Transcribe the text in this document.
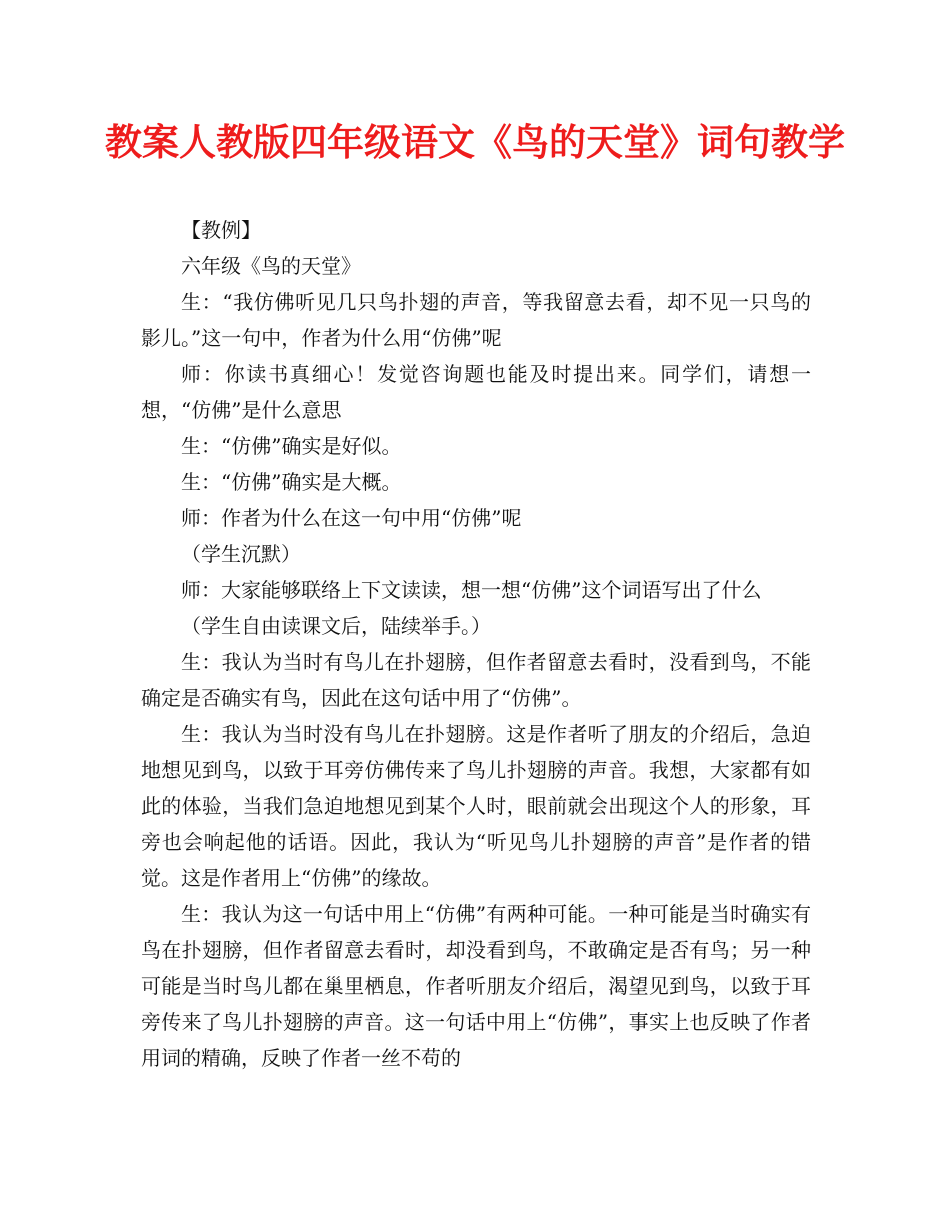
教案人教版四年级语文《鸟的天堂》词句教学

【教例】

六年级《鸟的天堂》

生：“我仿佛听见几只鸟扑翅的声音，等我留意去看，却不见一只鸟的影儿。”这一句中，作者为什么用“仿佛”呢

师：你读书真细心！发觉咨询题也能及时提出来。同学们，请想一想，“仿佛”是什么意思

生：“仿佛”确实是好似。

生：“仿佛”确实是大概。

师：作者为什么在这一句中用“仿佛”呢

（学生沉默）

师：大家能够联络上下文读读，想一想“仿佛”这个词语写出了什么

（学生自由读课文后，陆续举手。）

生：我认为当时有鸟儿在扑翅膀，但作者留意去看时，没看到鸟，不能确定是否确实有鸟，因此在这句话中用了“仿佛”。

生：我认为当时没有鸟儿在扑翅膀。这是作者听了朋友的介绍后，急迫地想见到鸟，以致于耳旁仿佛传来了鸟儿扑翅膀的声音。我想，大家都有如此的体验，当我们急迫地想见到某个人时，眼前就会出现这个人的形象，耳旁也会响起他的话语。因此，我认为“听见鸟儿扑翅膀的声音”是作者的错觉。这是作者用上“仿佛”的缘故。

生：我认为这一句话中用上“仿佛”有两种可能。一种可能是当时确实有鸟在扑翅膀，但作者留意去看时，却没看到鸟，不敢确定是否有鸟；另一种可能是当时鸟儿都在巢里栖息，作者听朋友介绍后，渴望见到鸟，以致于耳旁传来了鸟儿扑翅膀的声音。这一句话中用上“仿佛”，事实上也反映了作者用词的精确，反映了作者一丝不苟的
